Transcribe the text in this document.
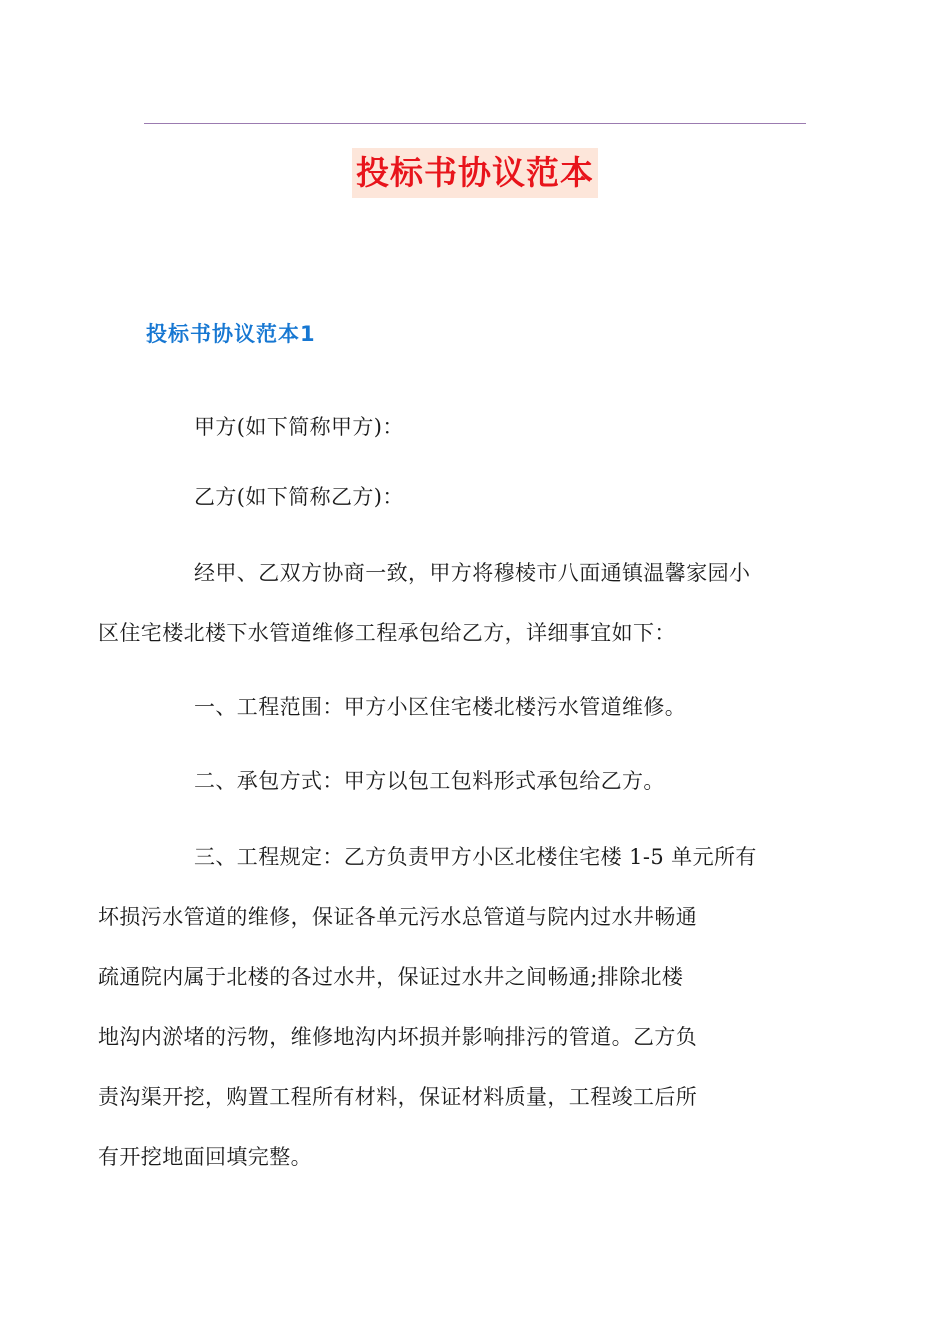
投标书协议范本
投标书协议范本1

甲方(如下简称甲方)：

乙方(如下简称乙方)：

经甲、乙双方协商一致，甲方将穆棱市八面通镇温馨家园小
区住宅楼北楼下水管道维修工程承包给乙方，详细事宜如下：

一、工程范围：甲方小区住宅楼北楼污水管道维修。

二、承包方式：甲方以包工包料形式承包给乙方。

三、工程规定：乙方负责甲方小区北楼住宅楼 1-5 单元所有
坏损污水管道的维修，保证各单元污水总管道与院内过水井畅通
疏通院内属于北楼的各过水井，保证过水井之间畅通;排除北楼
地沟内淤堵的污物，维修地沟内坏损并影响排污的管道。乙方负
责沟渠开挖，购置工程所有材料，保证材料质量，工程竣工后所
有开挖地面回填完整。
